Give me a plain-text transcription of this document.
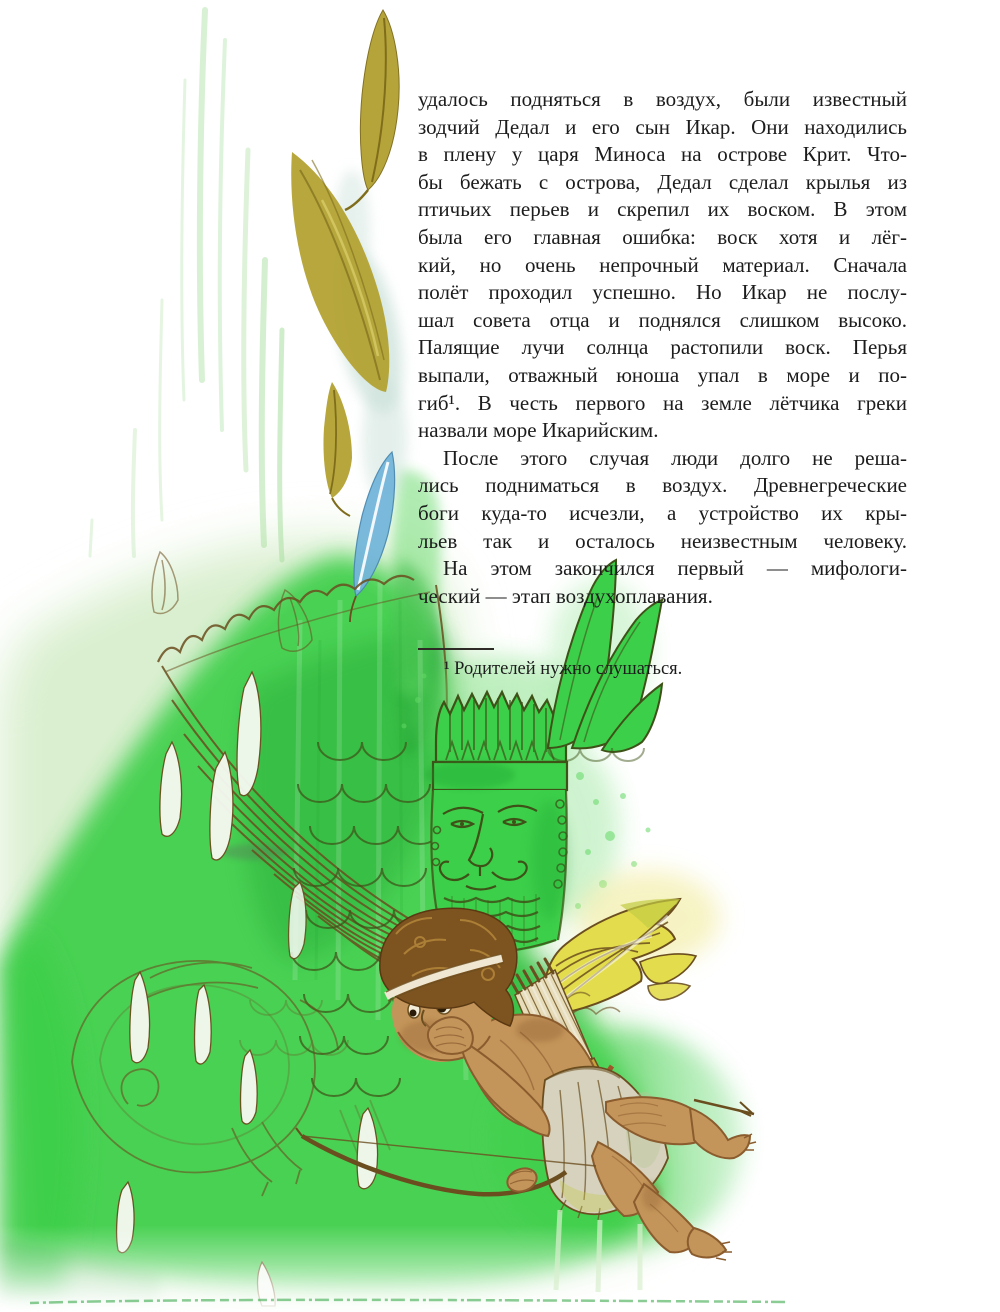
удалось подняться в воздух, были известный
зодчий Дедал и его сын Икар. Они находились
в плену у царя Миноса на острове Крит. Что-
бы бежать с острова, Дедал сделал крылья из
птичьих перьев и скрепил их воском. В этом
была его главная ошибка: воск хотя и лёг-
кий, но очень непрочный материал. Сначала
полёт проходил успешно. Но Икар не послу-
шал совета отца и поднялся слишком высоко.
Палящие лучи солнца растопили воск. Перья
выпали, отважный юноша упал в море и по-
гиб¹. В честь первого на земле лётчика греки
назвали море Икарийским.
После этого случая люди долго не реша-
лись подниматься в воздух. Древнегреческие
боги куда-то исчезли, а устройство их кры-
льев так и осталось неизвестным человеку.
На этом закончился первый — мифологи-
ческий — этап воздухоплавания.
¹ Родителей нужно слушаться.
